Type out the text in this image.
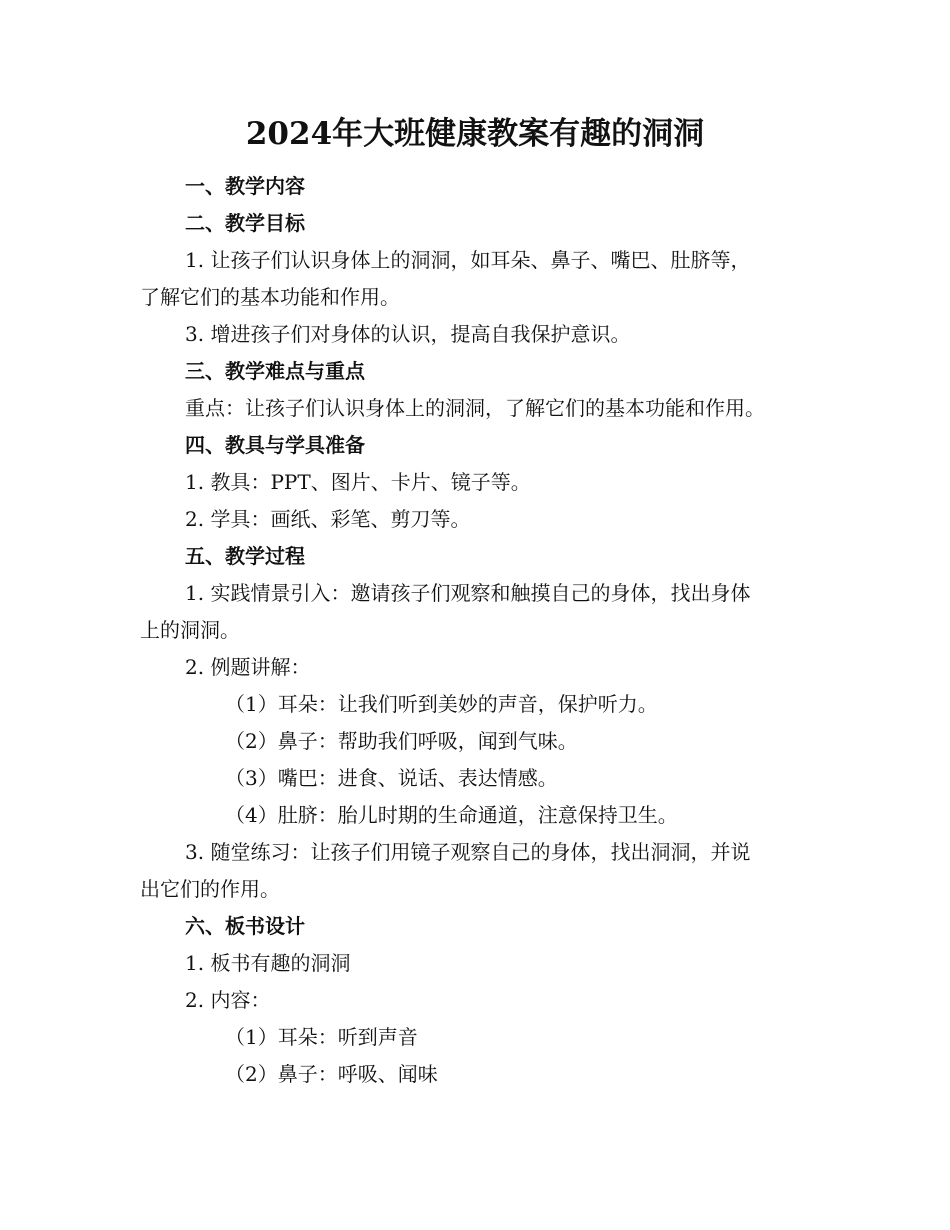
2024年大班健康教案有趣的洞洞

一、教学内容

二、教学目标

1. 让孩子们认识身体上的洞洞，如耳朵、鼻子、嘴巴、肚脐等，

了解它们的基本功能和作用。

3. 增进孩子们对身体的认识，提高自我保护意识。

三、教学难点与重点

重点：让孩子们认识身体上的洞洞，了解它们的基本功能和作用。

四、教具与学具准备

1. 教具：PPT、图片、卡片、镜子等。

2. 学具：画纸、彩笔、剪刀等。

五、教学过程

1. 实践情景引入：邀请孩子们观察和触摸自己的身体，找出身体

上的洞洞。

2. 例题讲解：

（1）耳朵：让我们听到美妙的声音，保护听力。

（2）鼻子：帮助我们呼吸，闻到气味。

（3）嘴巴：进食、说话、表达情感。

（4）肚脐：胎儿时期的生命通道，注意保持卫生。

3. 随堂练习：让孩子们用镜子观察自己的身体，找出洞洞，并说

出它们的作用。

六、板书设计

1. 板书有趣的洞洞

2. 内容：

（1）耳朵：听到声音

（2）鼻子：呼吸、闻味
